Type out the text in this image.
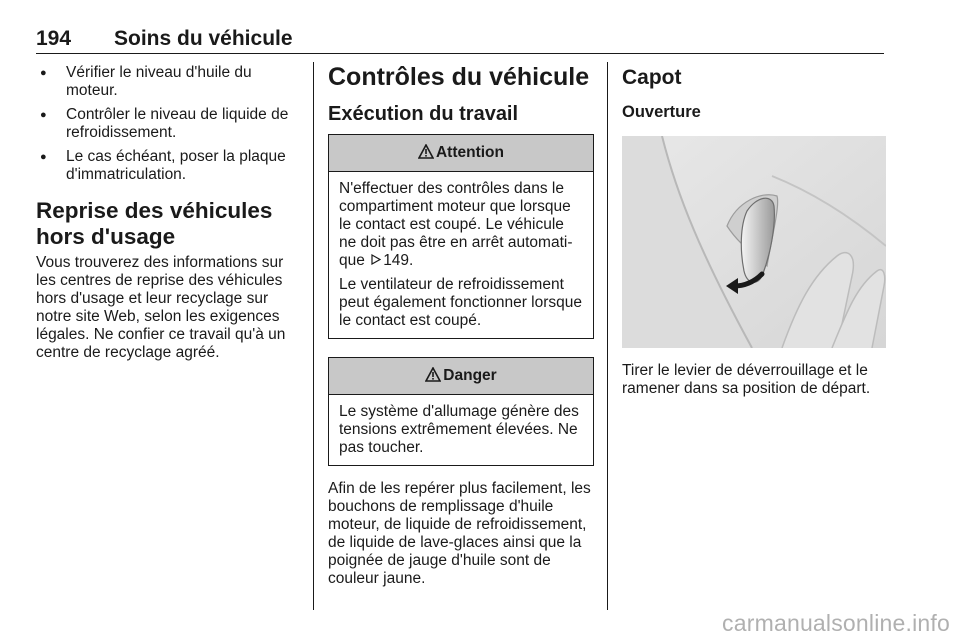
194 Soins du véhicule
● Vérifier le niveau d'huile du moteur.
● Contrôler le niveau de liquide de refroidissement.
● Le cas échéant, poser la plaque d'immatriculation.
Reprise des véhicules hors d'usage

Vous trouverez des informations sur les centres de reprise des véhicules hors d'usage et leur recyclage sur notre site Web, selon les exigences légales. Ne confier ce travail qu'à un centre de recyclage agréé.

Contrôles du véhicule
Exécution du travail
Attention

N'effectuer des contrôles dans le compartiment moteur que lorsque le contact est coupé. Le véhicule ne doit pas être en arrêt automatique 149.

Le ventilateur de refroidissement peut également fonctionner lorsque le contact est coupé.

Danger

Le système d'allumage génère des tensions extrêmement élevées. Ne pas toucher.

Afin de les repérer plus facilement, les bouchons de remplissage d'huile moteur, de liquide de refroidissement, de liquide de lave-glaces ainsi que la poignée de jauge d'huile sont de couleur jaune.

Capot
Ouverture

Tirer le levier de déverrouillage et le ramener dans sa position de départ.

carmanualsonline.info
